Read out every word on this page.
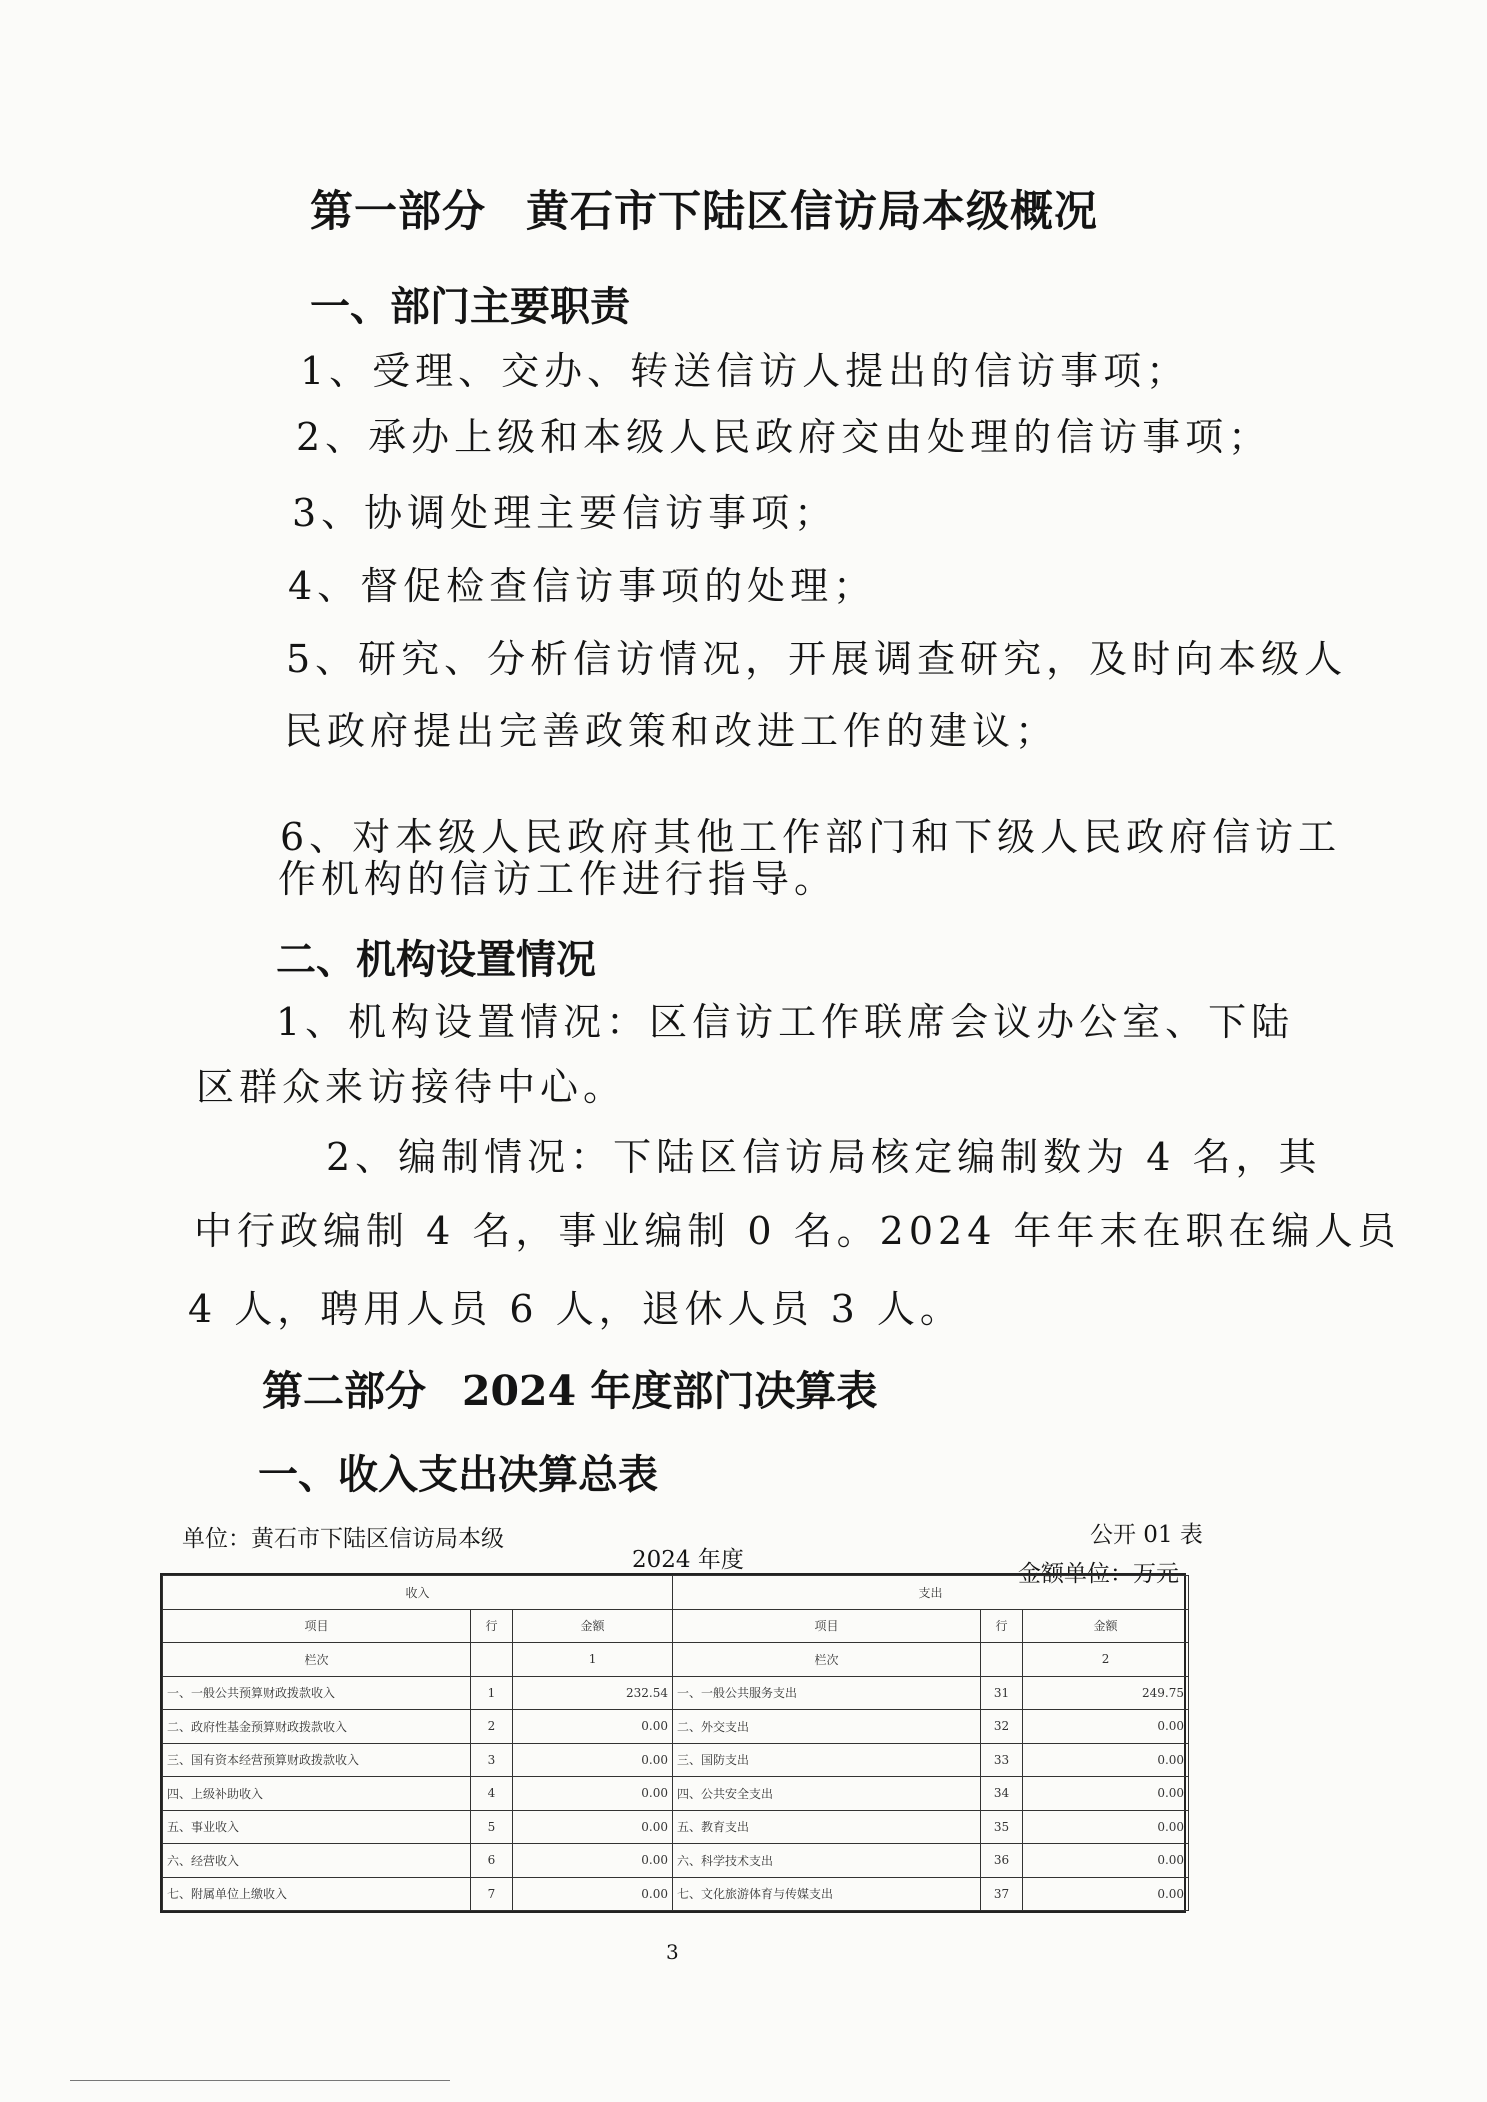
第一部分 黄石市下陆区信访局本级概况
一、部门主要职责
1、受理、交办、转送信访人提出的信访事项；
2、承办上级和本级人民政府交由处理的信访事项；
3、协调处理主要信访事项；
4、督促检查信访事项的处理；
5、研究、分析信访情况，开展调查研究，及时向本级人
民政府提出完善政策和改进工作的建议；
6、对本级人民政府其他工作部门和下级人民政府信访工
作机构的信访工作进行指导。
二、机构设置情况
1、机构设置情况：区信访工作联席会议办公室、下陆
区群众来访接待中心。
2、编制情况：下陆区信访局核定编制数为 4 名，其
中行政编制 4 名，事业编制 0 名。2024 年年末在职在编人员
4 人，聘用人员 6 人，退休人员 3 人。
第二部分 2024 年度部门决算表
一、收入支出决算总表
单位：黄石市下陆区信访局本级
2024 年度
公开 01 表
金额单位：万元
收入			支出		
项目	行	金额	项目	行	金额
栏次		1	栏次		2
一、一般公共预算财政拨款收入	1	232.54	一、一般公共服务支出	31	249.75
二、政府性基金预算财政拨款收入	2	0.00	二、外交支出	32	0.00
三、国有资本经营预算财政拨款收入	3	0.00	三、国防支出	33	0.00
四、上级补助收入	4	0.00	四、公共安全支出	34	0.00
五、事业收入	5	0.00	五、教育支出	35	0.00
六、经营收入	6	0.00	六、科学技术支出	36	0.00
七、附属单位上缴收入	7	0.00	七、文化旅游体育与传媒支出	37	0.00
3
